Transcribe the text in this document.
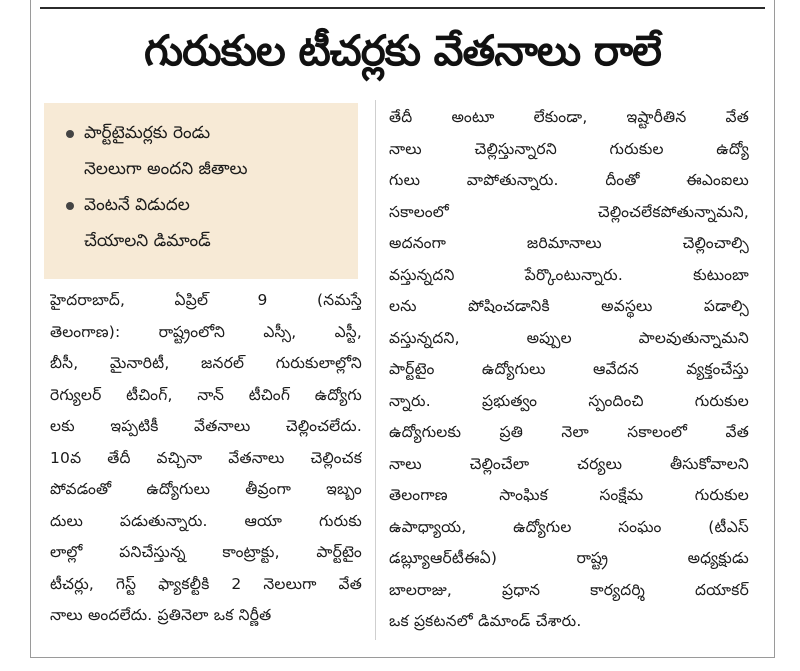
గురుకుల టీచర్లకు వేతనాలు రాలే
పార్ట్‌టైమర్లకు రెండు
నెలలుగా అందని జీతాలు
వెంటనే విడుదల
చేయాలని డిమాండ్
హైదరాబాద్‌, ఏప్రిల్‌ 9 (నమస్తే
తెలంగాణ): రాష్ట్రంలోని ఎస్సీ, ఎస్టీ,
బీసీ, మైనారిటీ, జనరల్‌ గురుకులాల్లోని
రెగ్యులర్‌ టీచింగ్‌, నాన్‌ టీచింగ్‌ ఉద్యోగు
లకు ఇప్పటికీ వేతనాలు చెల్లించలేదు.
10వ తేదీ వచ్చినా వేతనాలు చెల్లించక
పోవడంతో ఉద్యోగులు తీవ్రంగా ఇబ్బం
దులు పడుతున్నారు. ఆయా గురుకు
లాల్లో పనిచేస్తున్న కాంట్రాక్టు, పార్ట్‌టైం
టీచర్లు, గెస్ట్‌ ఫ్యాకల్టీకి 2 నెలలుగా వేత
నాలు అందలేదు. ప్రతినెలా ఒక నిర్ణీత
తేదీ అంటూ లేకుండా, ఇష్టారీతిన వేత
నాలు చెల్లిస్తున్నారని గురుకుల ఉద్యో
గులు వాపోతున్నారు. దీంతో ఈఎంఐలు
సకాలంలో చెల్లించలేకపోతున్నామని,
అదనంగా జరిమానాలు చెల్లించాల్సి
వస్తున్నదని పేర్కొంటున్నారు. కుటుంబా
లను పోషించడానికి అవస్థలు పడాల్సి
వస్తున్నదని, అప్పుల పాలవుతున్నామని
పార్ట్‌టైం ఉద్యోగులు ఆవేదన వ్యక్తంచేస్తు
న్నారు. ప్రభుత్వం స్పందించి గురుకుల
ఉద్యోగులకు ప్రతి నెలా సకాలంలో వేత
నాలు చెల్లించేలా చర్యలు తీసుకోవాలని
తెలంగాణ సాంఘిక సంక్షేమ గురుకుల
ఉపాధ్యాయ, ఉద్యోగుల సంఘం (టీఎస్‌
డబ్ల్యూఆర్‌టీఈఏ) రాష్ట్ర అధ్యక్షుడు
బాలరాజు, ప్రధాన కార్యదర్శి దయాకర్‌
ఒక ప్రకటనలో డిమాండ్‌ చేశారు.
